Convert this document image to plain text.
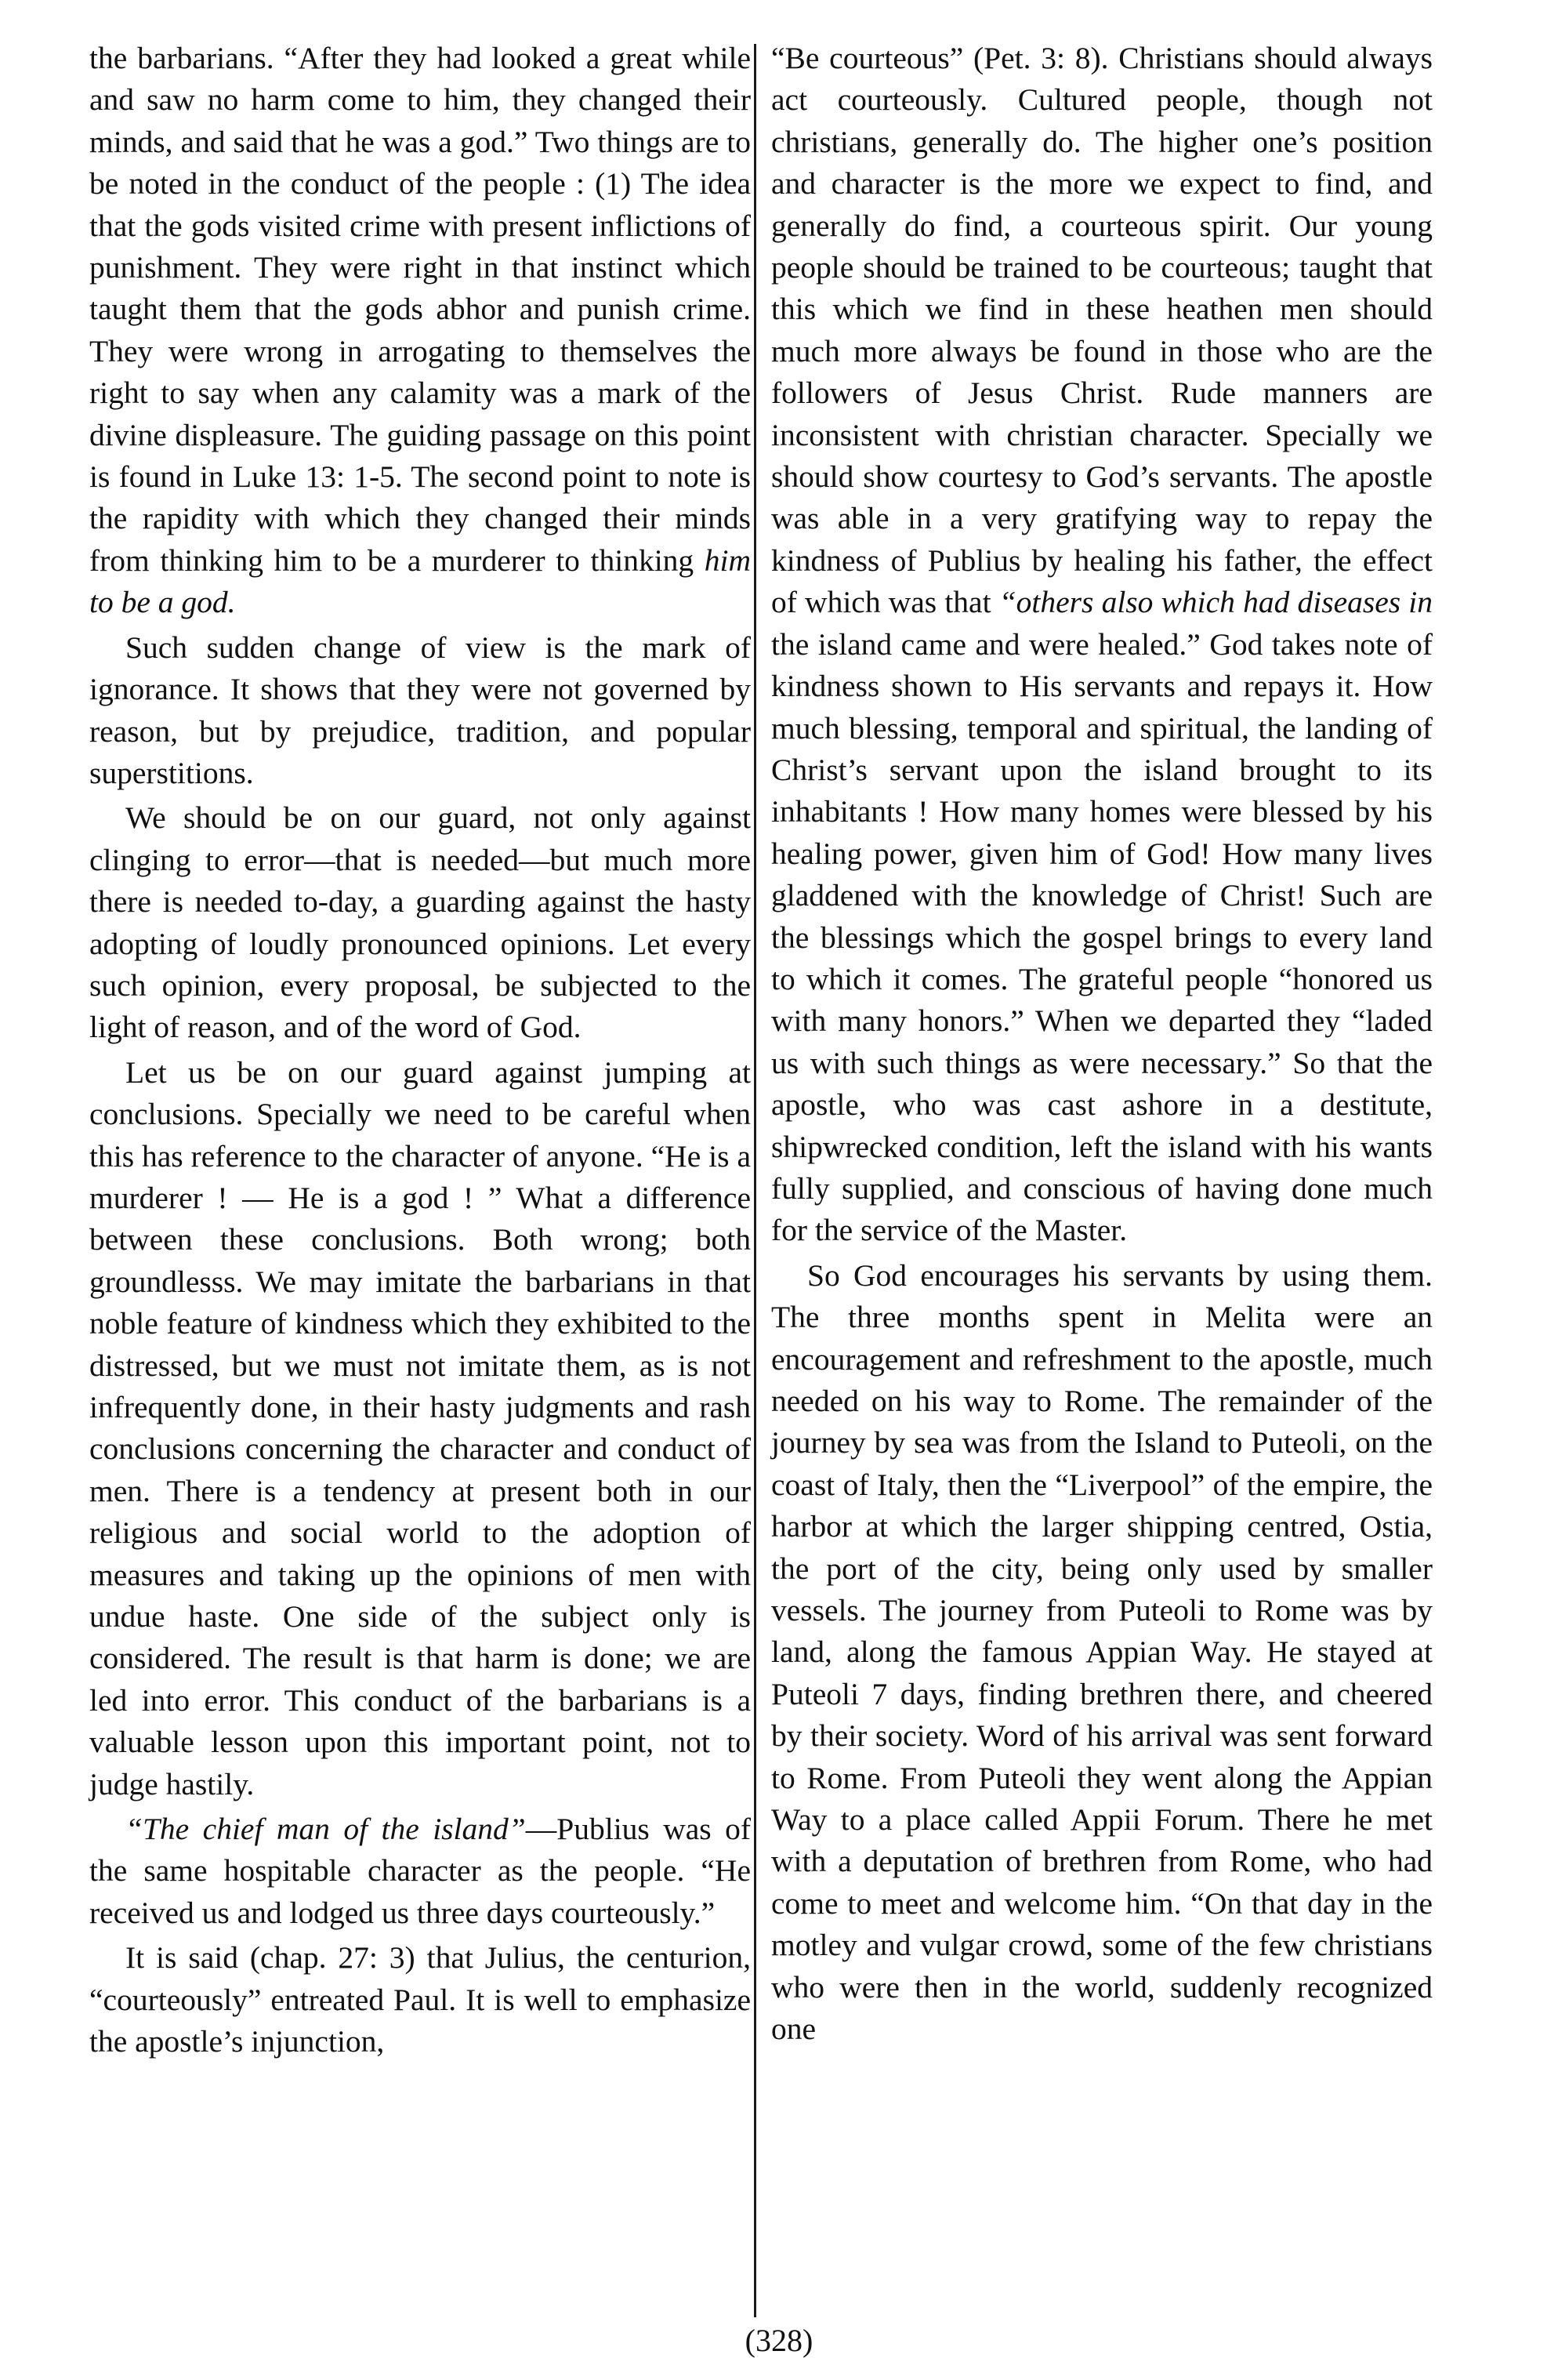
the barbarians. “After they had looked a great while and saw no harm come to him, they changed their minds, and said that he was a god.” Two things are to be noted in the conduct of the people : (1) The idea that the gods visited crime with present inflictions of punishment. They were right in that instinct which taught them that the gods abhor and punish crime. They were wrong in arrogating to themselves the right to say when any calamity was a mark of the divine displeasure. The guiding passage on this point is found in Luke 13: 1-5. The second point to note is the rapidity with which they changed their minds from thinking him to be a murderer to thinking him to be a god.

Such sudden change of view is the mark of ignorance. It shows that they were not governed by reason, but by prejudice, tradition, and popular superstitions.

We should be on our guard, not only against clinging to error—that is needed—but much more there is needed to-day, a guarding against the hasty adopting of loudly pronounced opinions. Let every such opinion, every proposal, be subjected to the light of reason, and of the word of God.

Let us be on our guard against jumping at conclusions. Specially we need to be careful when this has reference to the character of anyone. “He is a murderer ! — He is a god ! ” What a difference between these conclusions. Both wrong; both groundlesss. We may imitate the barbarians in that noble feature of kindness which they exhibited to the distressed, but we must not imitate them, as is not infrequently done, in their hasty judgments and rash conclusions concerning the character and conduct of men. There is a tendency at present both in our religious and social world to the adoption of measures and taking up the opinions of men with undue haste. One side of the subject only is considered. The result is that harm is done; we are led into error. This conduct of the barbarians is a valuable lesson upon this important point, not to judge hastily.

“The chief man of the island”—Publius was of the same hospitable character as the people. “He received us and lodged us three days courteously.”

It is said (chap. 27: 3) that Julius, the centurion, “courteously” entreated Paul. It is well to emphasize the apostle’s injunction,

“Be courteous” (Pet. 3: 8). Christians should always act courteously. Cultured people, though not christians, generally do. The higher one’s position and character is the more we expect to find, and generally do find, a courteous spirit. Our young people should be trained to be courteous; taught that this which we find in these heathen men should much more always be found in those who are the followers of Jesus Christ. Rude manners are inconsistent with christian character. Specially we should show courtesy to God’s servants. The apostle was able in a very gratifying way to repay the kindness of Publius by healing his father, the effect of which was that “others also which had diseases in the island came and were healed.” God takes note of kindness shown to His servants and repays it. How much blessing, temporal and spiritual, the landing of Christ’s servant upon the island brought to its inhabitants ! How many homes were blessed by his healing power, given him of God! How many lives gladdened with the knowledge of Christ! Such are the blessings which the gospel brings to every land to which it comes. The grateful people “honored us with many honors.” When we departed they “laded us with such things as were necessary.” So that the apostle, who was cast ashore in a destitute, shipwrecked condition, left the island with his wants fully supplied, and conscious of having done much for the service of the Master.

So God encourages his servants by using them. The three months spent in Melita were an encouragement and refreshment to the apostle, much needed on his way to Rome. The remainder of the journey by sea was from the Island to Puteoli, on the coast of Italy, then the “Liverpool” of the empire, the harbor at which the larger shipping centred, Ostia, the port of the city, being only used by smaller vessels. The journey from Puteoli to Rome was by land, along the famous Appian Way. He stayed at Puteoli 7 days, finding brethren there, and cheered by their society. Word of his arrival was sent forward to Rome. From Puteoli they went along the Appian Way to a place called Appii Forum. There he met with a deputation of brethren from Rome, who had come to meet and welcome him. “On that day in the motley and vulgar crowd, some of the few christians who were then in the world, suddenly recognized one

(328)
